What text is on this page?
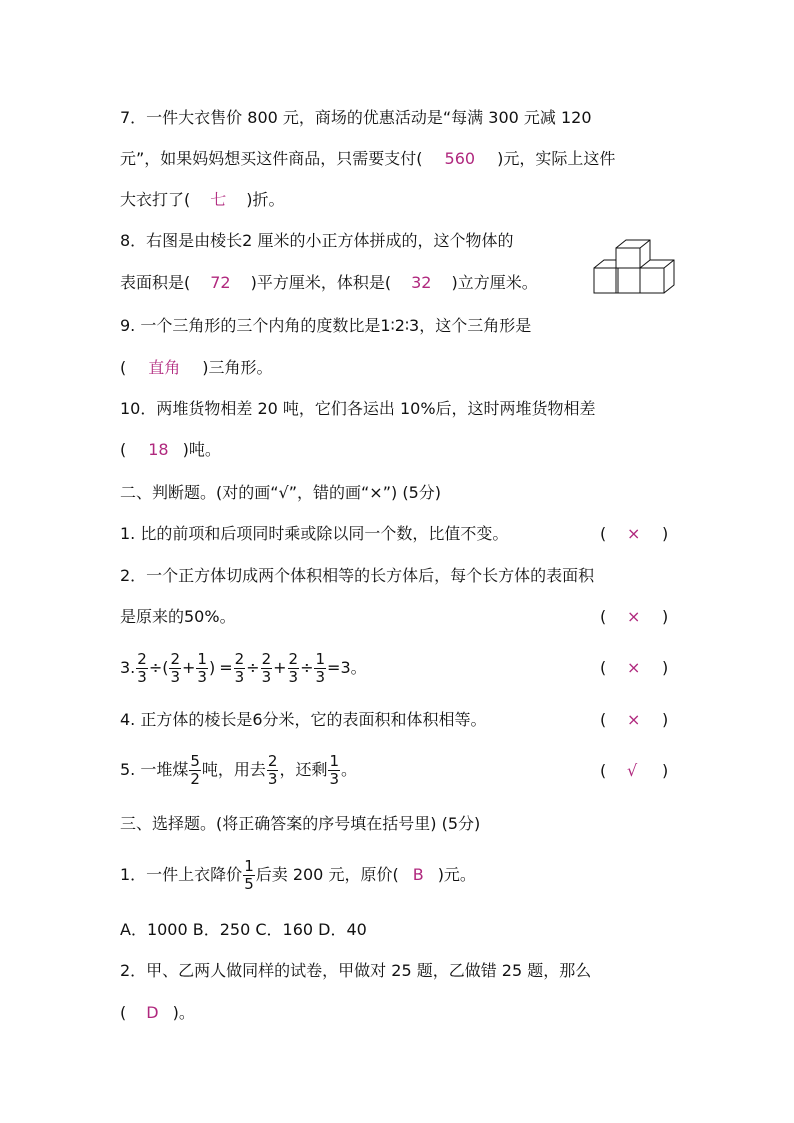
7．一件大衣售价 800 元，商场的优惠活动是“每满 300 元减 120
元”，如果妈妈想买这件商品，只需要支付( 560 )元，实际上这件
大衣打了( 七 )折。
8．右图是由棱长2 厘米的小正方体拼成的，这个物体的
表面积是( 72 )平方厘米，体积是( 32 )立方厘米。
9. 一个三角形的三个内角的度数比是1∶2∶3，这个三角形是
( 直角 )三角形。
10．两堆货物相差 20 吨，它们各运出 10%后，这时两堆货物相差
( 18 )吨。
二、判断题。(对的画“√”，错的画“×”) (5分)
1. 比的前项和后项同时乘或除以同一个数，比值不变。	( × )
2．一个正方体切成两个体积相等的长方体后，每个长方体的表面积
是原来的50%。	( × )
3. $\frac{2}{3}$ ÷( $\frac{2}{3} + \frac{1}{3}$ ) = $\frac{2}{3} \div \frac{2}{3} + \frac{2}{3} \div \frac{1}{3} =3$。	( × )
4. 正方体的棱长是6分米，它的表面积和体积相等。	( × )
5. 一堆煤 $\frac{5}{2}$ 吨，用去 $\frac{2}{3}$ ，还剩 $\frac{1}{3}$ 。	( √ )
三、选择题。(将正确答案的序号填在括号里) (5分)
1．一件上衣降价 $\frac{1}{5}$ 后卖 200 元，原价( B )元。
A．1000 B．250 C．160 D．40
2．甲、乙两人做同样的试卷，甲做对 25 题，乙做错 25 题，那么
( D )。
